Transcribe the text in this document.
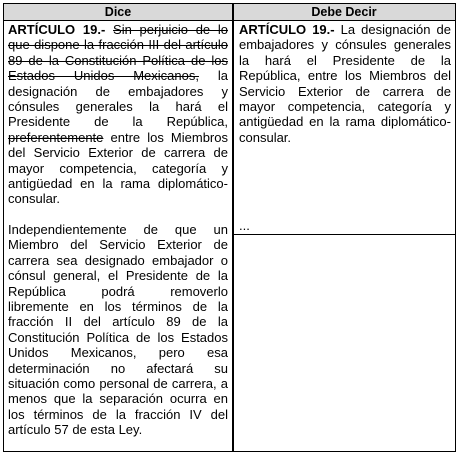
Dice	Debe Decir

ARTÍCULO 19.- Sin perjuicio de lo que dispone la fracción III del artículo 89 de la Constitución Política de los Estados Unidos Mexicanos, la designación de embajadores y cónsules generales la hará el Presidente de la República, preferentemente entre los Miembros del Servicio Exterior de carrera de mayor competencia, categoría y antigüedad en la rama diplomático-consular.

Independientemente de que un Miembro del Servicio Exterior de carrera sea designado embajador o cónsul general, el Presidente de la República podrá removerlo libremente en los términos de la fracción II del artículo 89 de la Constitución Política de los Estados Unidos Mexicanos, pero esa determinación no afectará su situación como personal de carrera, a menos que la separación ocurra en los términos de la fracción IV del artículo 57 de esta Ley.

ARTÍCULO 19.- La designación de embajadores y cónsules generales la hará el Presidente de la República, entre los Miembros del Servicio Exterior de carrera de mayor competencia, categoría y antigüedad en la rama diplomático-consular.

...
